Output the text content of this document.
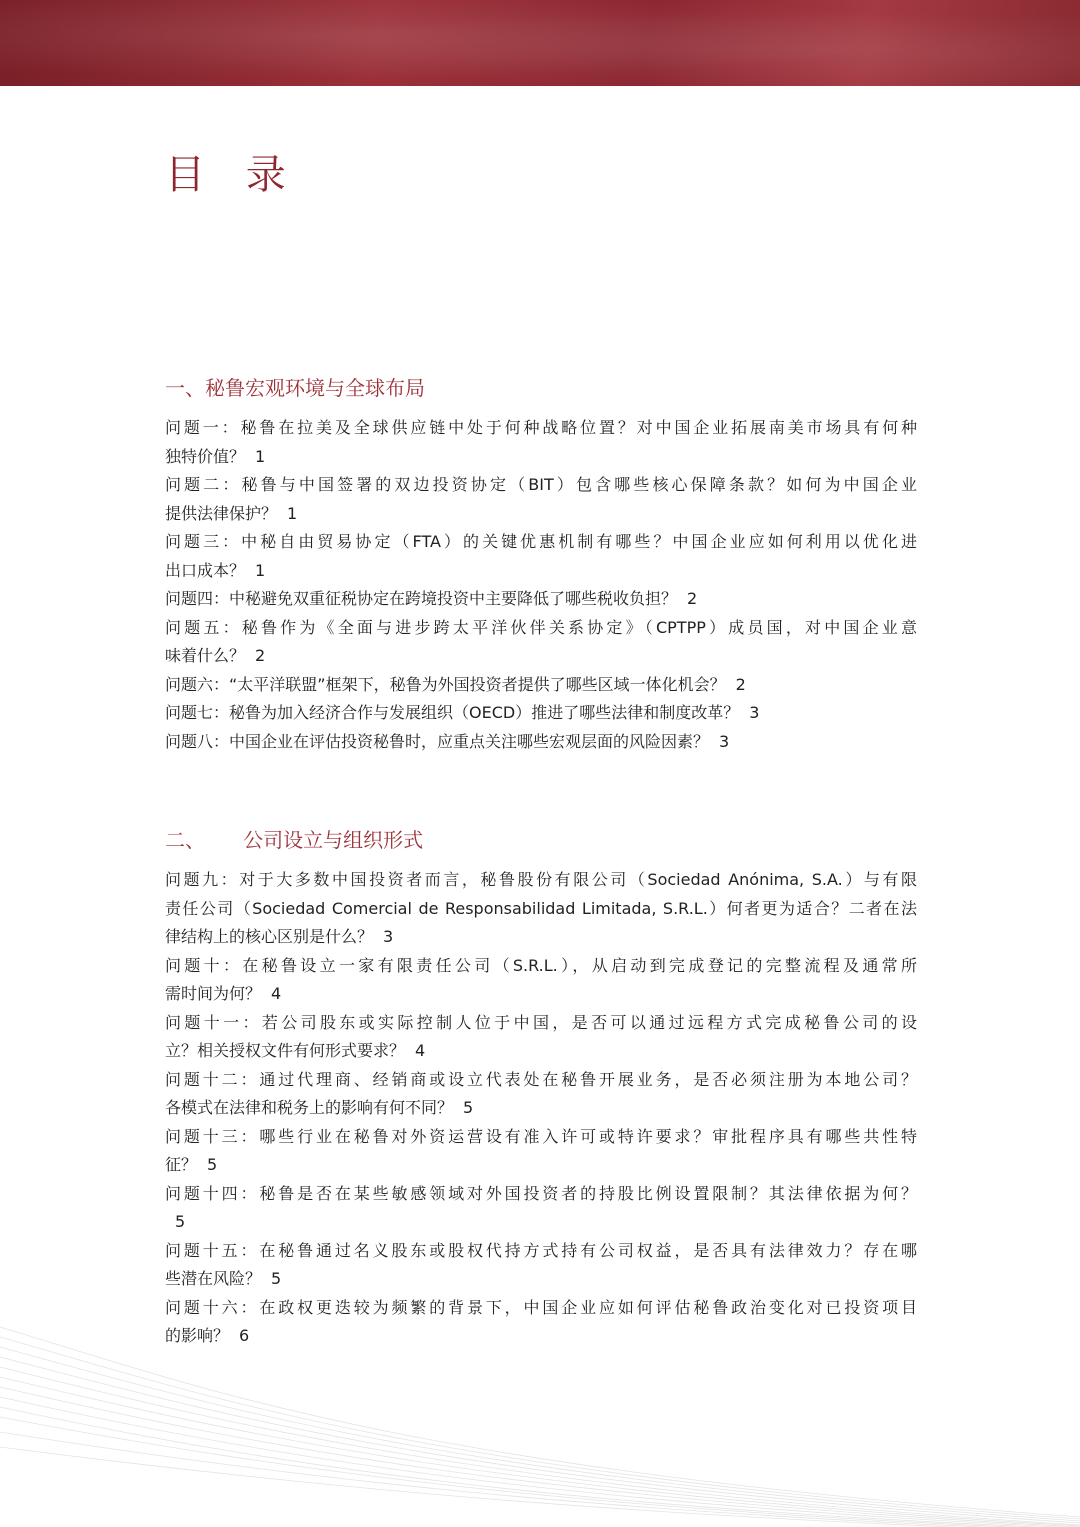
目 录
一、秘鲁宏观环境与全球布局
问题一：秘鲁在拉美及全球供应链中处于何种战略位置？对中国企业拓展南美市场具有何种
独特价值？ 1
问题二：秘鲁与中国签署的双边投资协定（BIT）包含哪些核心保障条款？如何为中国企业
提供法律保护？ 1
问题三：中秘自由贸易协定（FTA）的关键优惠机制有哪些？中国企业应如何利用以优化进
出口成本？ 1
问题四：中秘避免双重征税协定在跨境投资中主要降低了哪些税收负担？ 2
问题五：秘鲁作为《全面与进步跨太平洋伙伴关系协定》（CPTPP）成员国，对中国企业意
味着什么？ 2
问题六：“太平洋联盟”框架下，秘鲁为外国投资者提供了哪些区域一体化机会？ 2
问题七：秘鲁为加入经济合作与发展组织（OECD）推进了哪些法律和制度改革？ 3
问题八：中国企业在评估投资秘鲁时，应重点关注哪些宏观层面的风险因素？ 3
二、      公司设立与组织形式
问题九：对于大多数中国投资者而言，秘鲁股份有限公司（Sociedad Anónima, S.A.）与有限
责任公司（Sociedad Comercial de Responsabilidad Limitada, S.R.L.）何者更为适合？二者在法
律结构上的核心区别是什么？ 3
问题十：在秘鲁设立一家有限责任公司（S.R.L.），从启动到完成登记的完整流程及通常所
需时间为何？ 4
问题十一：若公司股东或实际控制人位于中国，是否可以通过远程方式完成秘鲁公司的设
立？相关授权文件有何形式要求？ 4
问题十二：通过代理商、经销商或设立代表处在秘鲁开展业务，是否必须注册为本地公司？
各模式在法律和税务上的影响有何不同？ 5
问题十三：哪些行业在秘鲁对外资运营设有准入许可或特许要求？审批程序具有哪些共性特
征？ 5
问题十四：秘鲁是否在某些敏感领域对外国投资者的持股比例设置限制？其法律依据为何？
5
问题十五：在秘鲁通过名义股东或股权代持方式持有公司权益，是否具有法律效力？存在哪
些潜在风险？ 5
问题十六：在政权更迭较为频繁的背景下，中国企业应如何评估秘鲁政治变化对已投资项目
的影响？ 6
